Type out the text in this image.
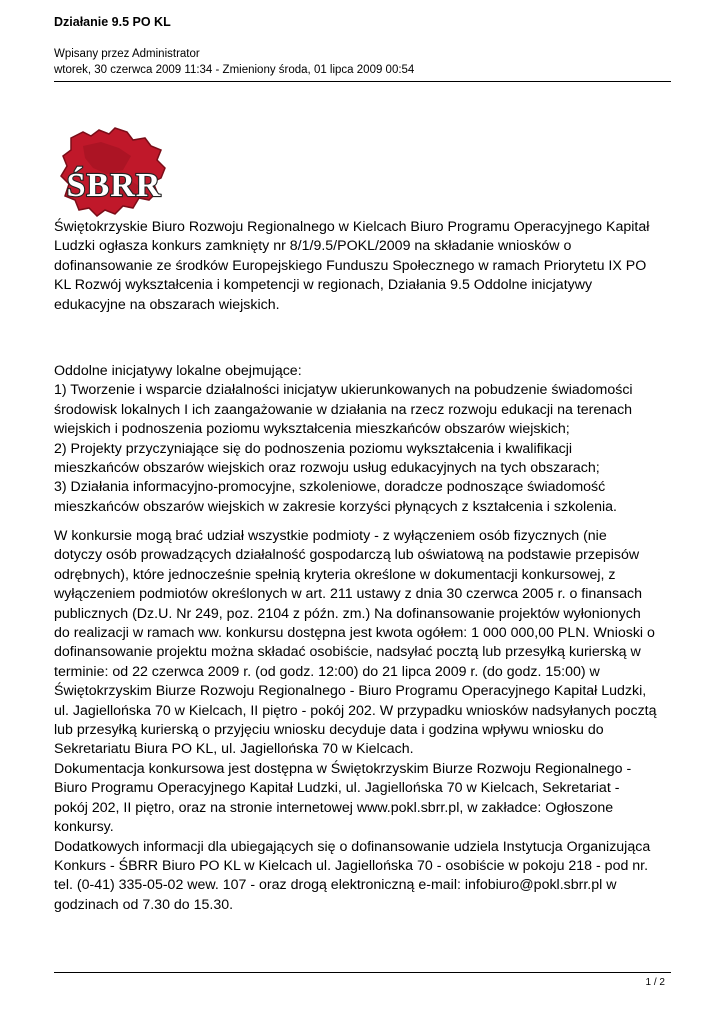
Działanie 9.5 PO KL
Wpisany przez Administrator
wtorek, 30 czerwca 2009 11:34 - Zmieniony środa, 01 lipca 2009 00:54
ŚBRR
Świętokrzyskie Biuro Rozwoju Regionalnego w Kielcach Biuro Programu Operacyjnego Kapitał
Ludzki ogłasza konkurs zamknięty nr 8/1/9.5/POKL/2009 na składanie wniosków o
dofinansowanie ze środków Europejskiego Funduszu Społecznego w ramach Priorytetu IX PO
KL Rozwój wykształcenia i kompetencji w regionach, Działania 9.5 Oddolne inicjatywy
edukacyjne na obszarach wiejskich.
Oddolne inicjatywy lokalne obejmujące:
1) Tworzenie i wsparcie działalności inicjatyw ukierunkowanych na pobudzenie świadomości
środowisk lokalnych I ich zaangażowanie w działania na rzecz rozwoju edukacji na terenach
wiejskich i podnoszenia poziomu wykształcenia mieszkańców obszarów wiejskich;
2) Projekty przyczyniające się do podnoszenia poziomu wykształcenia i kwalifikacji
mieszkańców obszarów wiejskich oraz rozwoju usług edukacyjnych na tych obszarach;
3) Działania informacyjno-promocyjne, szkoleniowe, doradcze podnoszące świadomość
mieszkańców obszarów wiejskich w zakresie korzyści płynących z kształcenia i szkolenia.
W konkursie mogą brać udział wszystkie podmioty - z wyłączeniem osób fizycznych (nie
dotyczy osób prowadzących działalność gospodarczą lub oświatową na podstawie przepisów
odrębnych), które jednocześnie spełnią kryteria określone w dokumentacji konkursowej, z
wyłączeniem podmiotów określonych w art. 211 ustawy z dnia 30 czerwca 2005 r. o finansach
publicznych (Dz.U. Nr 249, poz. 2104 z późn. zm.) Na dofinansowanie projektów wyłonionych
do realizacji w ramach ww. konkursu dostępna jest kwota ogółem: 1 000 000,00 PLN. Wnioski o
dofinansowanie projektu można składać osobiście, nadsyłać pocztą lub przesyłką kurierską w
terminie: od 22 czerwca 2009 r. (od godz. 12:00) do 21 lipca 2009 r. (do godz. 15:00) w
Świętokrzyskim Biurze Rozwoju Regionalnego - Biuro Programu Operacyjnego Kapitał Ludzki,
ul. Jagiellońska 70 w Kielcach, II piętro - pokój 202. W przypadku wniosków nadsyłanych pocztą
lub przesyłką kurierską o przyjęciu wniosku decyduje data i godzina wpływu wniosku do
Sekretariatu Biura PO KL, ul. Jagiellońska 70 w Kielcach.
Dokumentacja konkursowa jest dostępna w Świętokrzyskim Biurze Rozwoju Regionalnego -
Biuro Programu Operacyjnego Kapitał Ludzki, ul. Jagiellońska 70 w Kielcach, Sekretariat -
pokój 202, II piętro, oraz na stronie internetowej www.pokl.sbrr.pl, w zakładce: Ogłoszone
konkursy.
Dodatkowych informacji dla ubiegających się o dofinansowanie udziela Instytucja Organizująca
Konkurs - ŚBRR Biuro PO KL w Kielcach ul. Jagiellońska 70 - osobiście w pokoju 218 - pod nr.
tel. (0-41) 335-05-02 wew. 107 - oraz drogą elektroniczną e-mail: infobiuro@pokl.sbrr.pl w
godzinach od 7.30 do 15.30.
1 / 2
